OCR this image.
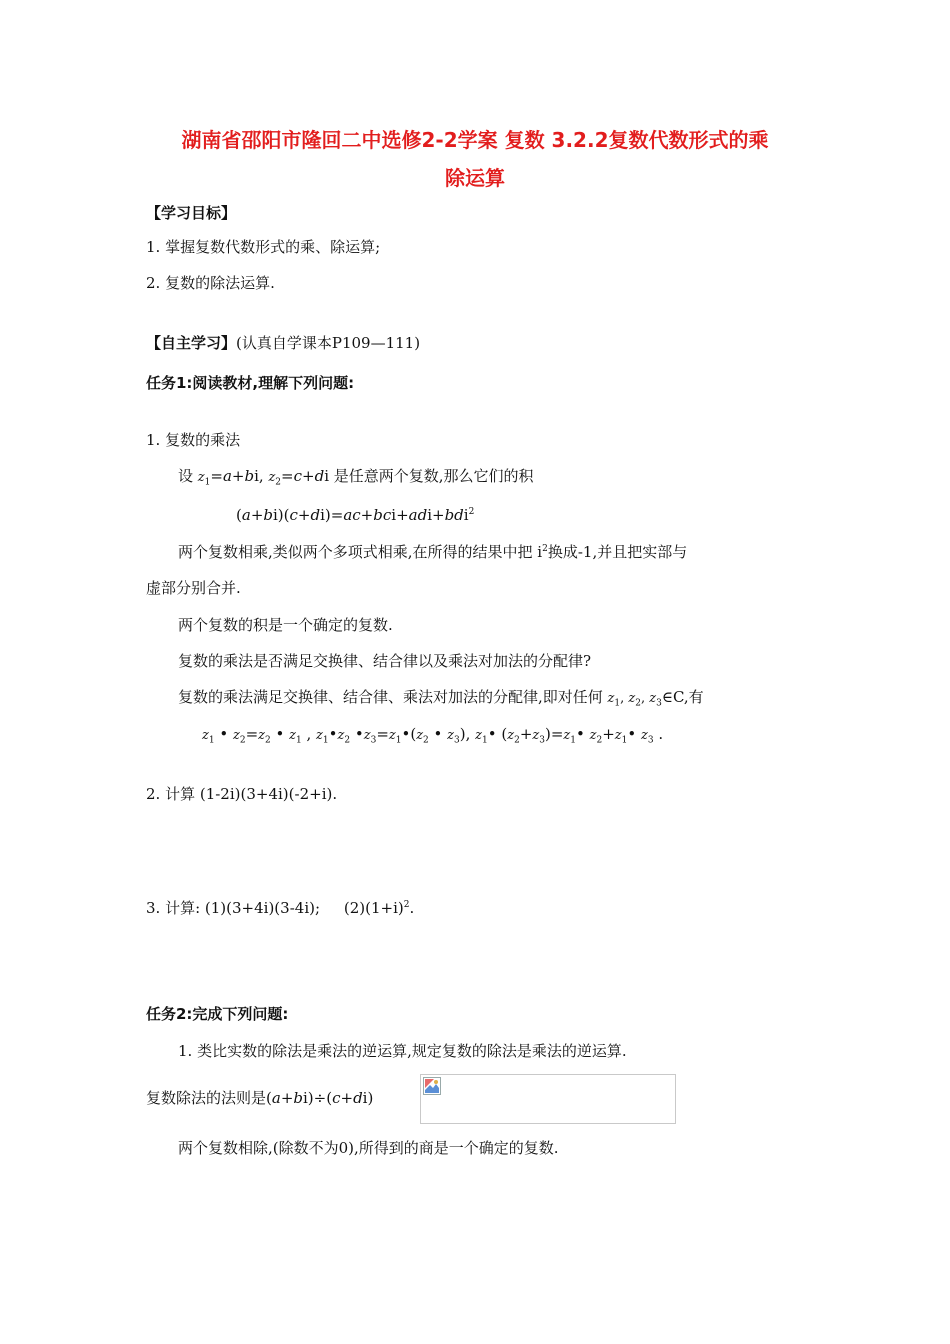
湖南省邵阳市隆回二中选修2-2学案 复数 3.2.2复数代数形式的乘
除运算
【学习目标】
1. 掌握复数代数形式的乘、除运算;
2. 复数的除法运算.
【自主学习】(认真自学课本P109—111)
任务1:阅读教材,理解下列问题:
1. 复数的乘法
设 $z_1=a+bi$, $z_2=c+di$ 是任意两个复数,那么它们的积
(a+bi)(c+di)=ac+bci+adi+bdi$^2$
两个复数相乘,类似两个多项式相乘,在所得的结果中把 $i^2$换成-1,并且把实部与
虚部分别合并.
两个复数的积是一个确定的复数.
复数的乘法是否满足交换律、结合律以及乘法对加法的分配律?
复数的乘法满足交换律、结合律、乘法对加法的分配律,即对任何 $z_1$, $z_2$, $z_3\in C$,有
$z_1$ • $z_2=z_2$ • $z_1$ , $z_1•z_2$ $•z_3=z_1•(z_2$ • $z_3$), $z_1•$ $(z_2+z_3)=z_1•$ $z_2+z_1•$ $z_3$ .
2. 计算 (1-2i)(3+4i)(-2+i).
3. 计算: (1)(3+4i)(3-4i); $(2)(1+i)^2$.
任务2:完成下列问题:
1. 类比实数的除法是乘法的逆运算,规定复数的除法是乘法的逆运算.
复数除法的法则是(a+bi)÷(c+di)
两个复数相除,(除数不为0),所得到的商是一个确定的复数.
